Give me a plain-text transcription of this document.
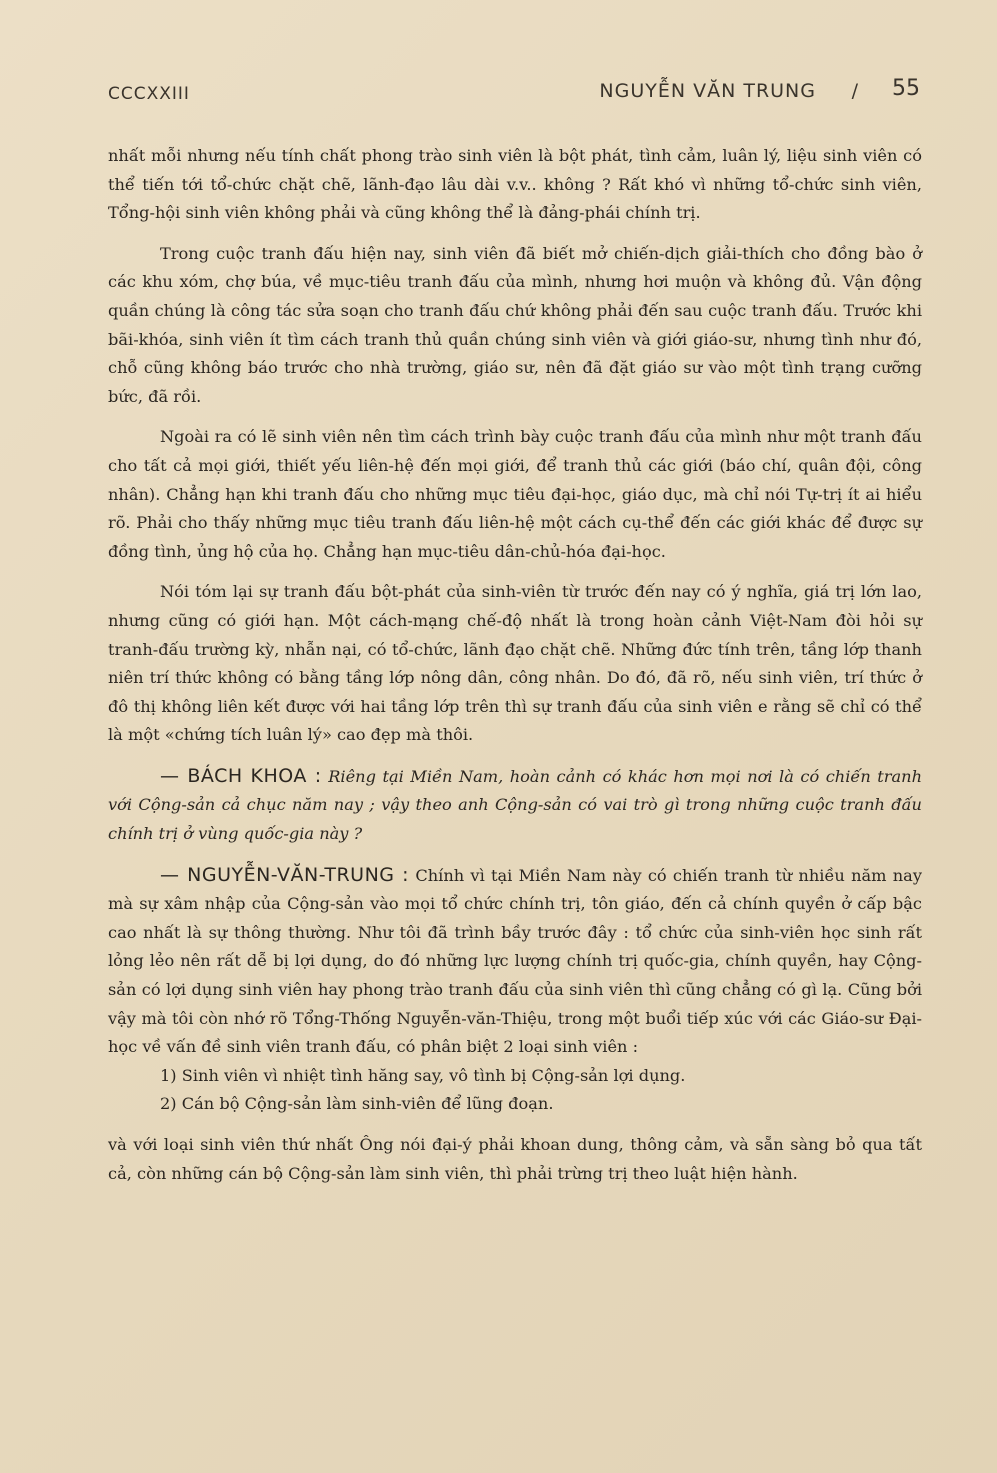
CCCXXIII	NGUYỄN VĂN TRUNG / 55

nhất mỗi nhưng nếu tính chất phong trào sinh viên là bột phát, tình cảm, luân lý, liệu sinh viên có thể tiến tới tổ-chức chặt chẽ, lãnh-đạo lâu dài v.v.. không ? Rất khó vì những tổ-chức sinh viên, Tổng-hội sinh viên không phải và cũng không thể là đảng-phái chính trị.

Trong cuộc tranh đấu hiện nay, sinh viên đã biết mở chiến-dịch giải-thích cho đồng bào ở các khu xóm, chợ búa, về mục-tiêu tranh đấu của mình, nhưng hơi muộn và không đủ. Vận động quần chúng là công tác sửa soạn cho tranh đấu chứ không phải đến sau cuộc tranh đấu. Trước khi bãi-khóa, sinh viên ít tìm cách tranh thủ quần chúng sinh viên và giới giáo-sư, nhưng tình như đó, chỗ cũng không báo trước cho nhà trường, giáo sư, nên đã đặt giáo sư vào một tình trạng cưỡng bức, đã rồi.

Ngoài ra có lẽ sinh viên nên tìm cách trình bày cuộc tranh đấu của mình như một tranh đấu cho tất cả mọi giới, thiết yếu liên-hệ đến mọi giới, để tranh thủ các giới (báo chí, quân đội, công nhân). Chẳng hạn khi tranh đấu cho những mục tiêu đại-học, giáo dục, mà chỉ nói Tự-trị ít ai hiểu rõ. Phải cho thấy những mục tiêu tranh đấu liên-hệ một cách cụ-thể đến các giới khác để được sự đồng tình, ủng hộ của họ. Chẳng hạn mục-tiêu dân-chủ-hóa đại-học.

Nói tóm lại sự tranh đấu bột-phát của sinh-viên từ trước đến nay có ý nghĩa, giá trị lớn lao, nhưng cũng có giới hạn. Một cách-mạng chế-độ nhất là trong hoàn cảnh Việt-Nam đòi hỏi sự tranh-đấu trường kỳ, nhẫn nại, có tổ-chức, lãnh đạo chặt chẽ. Những đức tính trên, tầng lớp thanh niên trí thức không có bằng tầng lớp nông dân, công nhân. Do đó, đã rõ, nếu sinh viên, trí thức ở đô thị không liên kết được với hai tầng lớp trên thì sự tranh đấu của sinh viên e rằng sẽ chỉ có thể là một «chứng tích luân lý» cao đẹp mà thôi.

— BÁCH KHOA : Riêng tại Miền Nam, hoàn cảnh có khác hơn mọi nơi là có chiến tranh với Cộng-sản cả chục năm nay ; vậy theo anh Cộng-sản có vai trò gì trong những cuộc tranh đấu chính trị ở vùng quốc-gia này ?

— NGUYỄN-VĂN-TRUNG : Chính vì tại Miền Nam này có chiến tranh từ nhiều năm nay mà sự xâm nhập của Cộng-sản vào mọi tổ chức chính trị, tôn giáo, đến cả chính quyền ở cấp bậc cao nhất là sự thông thường. Như tôi đã trình bầy trước đây : tổ chức của sinh-viên học sinh rất lỏng lẻo nên rất dễ bị lợi dụng, do đó những lực lượng chính trị quốc-gia, chính quyền, hay Cộng-sản có lợi dụng sinh viên hay phong trào tranh đấu của sinh viên thì cũng chẳng có gì lạ. Cũng bởi vậy mà tôi còn nhớ rõ Tổng-Thống Nguyễn-văn-Thiệu, trong một buổi tiếp xúc với các Giáo-sư Đại-học về vấn đề sinh viên tranh đấu, có phân biệt 2 loại sinh viên :

1) Sinh viên vì nhiệt tình hăng say, vô tình bị Cộng-sản lợi dụng.

2) Cán bộ Cộng-sản làm sinh-viên để lũng đoạn.

và với loại sinh viên thứ nhất Ông nói đại-ý phải khoan dung, thông cảm, và sẵn sàng bỏ qua tất cả, còn những cán bộ Cộng-sản làm sinh viên, thì phải trừng trị theo luật hiện hành.
